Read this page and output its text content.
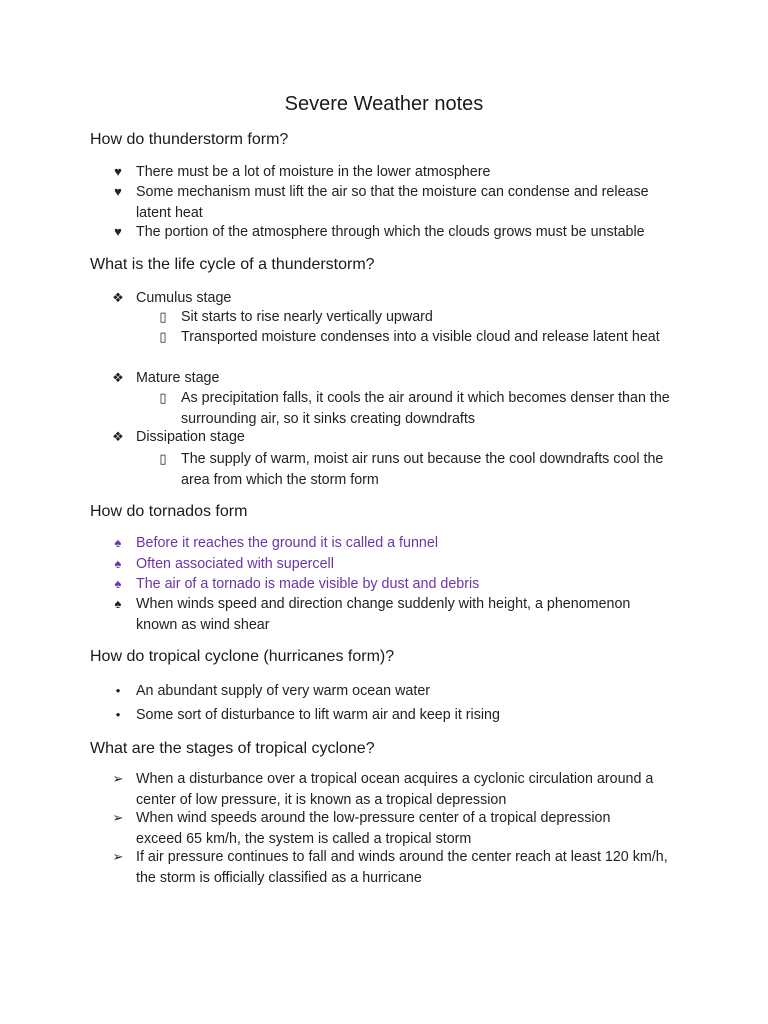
Severe Weather notes
How do thunderstorm form?
♥ There must be a lot of moisture in the lower atmosphere
♥ Some mechanism must lift the air so that the moisture can condense and release latent heat
♥ The portion of the atmosphere through which the clouds grows must be unstable
What is the life cycle of a thunderstorm?
❖ Cumulus stage
▯	Sit starts to rise nearly vertically upward
▯	Transported moisture condenses into a visible cloud and release latent heat
❖ Mature stage
▯	As precipitation falls, it cools the air around it which becomes denser than the surrounding air, so it sinks creating downdrafts
❖ Dissipation stage
▯	The supply of warm, moist air runs out because the cool downdrafts cool the area from which the storm form
How do tornados form
♠	Before it reaches the ground it is called a funnel
♠	Often associated with supercell
♠	The air of a tornado is made visible by dust and debris
♠	When winds speed and direction change suddenly with height, a phenomenon known as wind shear
How do tropical cyclone (hurricanes form)?
•	An abundant supply of very warm ocean water
•	Some sort of disturbance to lift warm air and keep it rising
What are the stages of tropical cyclone?
➢ When a disturbance over a tropical ocean acquires a cyclonic circulation around a center of low pressure, it is known as a tropical depression
➢ When wind speeds around the low-pressure center of a tropical depression exceed 65 km/h, the system is called a tropical storm
➢ If air pressure continues to fall and winds around the center reach at least 120 km/h, the storm is officially classified as a hurricane
